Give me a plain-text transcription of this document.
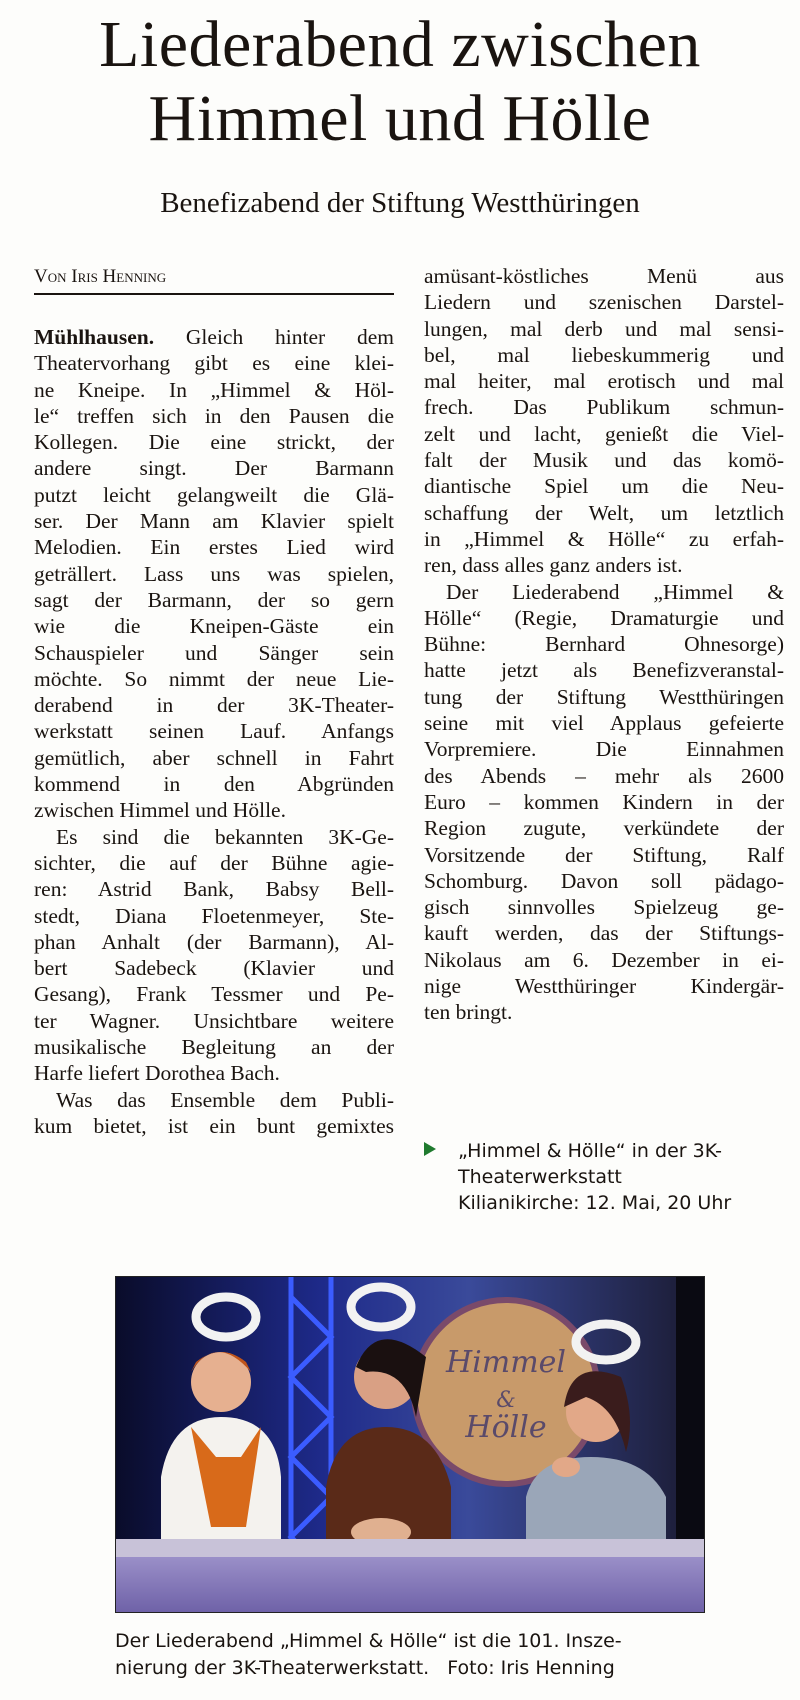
Liederabend zwischen
Himmel und Hölle
Benefizabend der Stiftung Westthüringen
Von Iris Henning
Mühlhausen. Gleich hinter dem
Theatervorhang gibt es eine klei-
ne Kneipe. In „Himmel & Höl-
le“ treffen sich in den Pausen die
Kollegen. Die eine strickt, der
andere singt. Der Barmann
putzt leicht gelangweilt die Glä-
ser. Der Mann am Klavier spielt
Melodien. Ein erstes Lied wird
geträllert. Lass uns was spielen,
sagt der Barmann, der so gern
wie die Kneipen-Gäste ein
Schauspieler und Sänger sein
möchte. So nimmt der neue Lie-
derabend in der 3K-Theater-
werkstatt seinen Lauf. Anfangs
gemütlich, aber schnell in Fahrt
kommend in den Abgründen
zwischen Himmel und Hölle.
Es sind die bekannten 3K-Ge-
sichter, die auf der Bühne agie-
ren: Astrid Bank, Babsy Bell-
stedt, Diana Floetenmeyer, Ste-
phan Anhalt (der Barmann), Al-
bert Sadebeck (Klavier und
Gesang), Frank Tessmer und Pe-
ter Wagner. Unsichtbare weitere
musikalische Begleitung an der
Harfe liefert Dorothea Bach.
Was das Ensemble dem Publi-
kum bietet, ist ein bunt gemixtes
amüsant-köstliches Menü aus
Liedern und szenischen Darstel-
lungen, mal derb und mal sensi-
bel, mal liebeskummerig und
mal heiter, mal erotisch und mal
frech. Das Publikum schmun-
zelt und lacht, genießt die Viel-
falt der Musik und das komö-
diantische Spiel um die Neu-
schaffung der Welt, um letztlich
in „Himmel & Hölle“ zu erfah-
ren, dass alles ganz anders ist.
Der Liederabend „Himmel &
Hölle“ (Regie, Dramaturgie und
Bühne: Bernhard Ohnesorge)
hatte jetzt als Benefizveranstal-
tung der Stiftung Westthüringen
seine mit viel Applaus gefeierte
Vorpremiere. Die Einnahmen
des Abends – mehr als 2600
Euro – kommen Kindern in der
Region zugute, verkündete der
Vorsitzende der Stiftung, Ralf
Schomburg. Davon soll pädago-
gisch sinnvolles Spielzeug ge-
kauft werden, das der Stiftungs-
Nikolaus am 6. Dezember in ei-
nige Westthüringer Kindergär-
ten bringt.
„Himmel & Hölle“ in der 3K-
Theaterwerkstatt
Kilianikirche: 12. Mai, 20 Uhr
Himmel
&
Hölle
Der Liederabend „Himmel & Hölle“ ist die 101. Insze-
nierung der 3K-Theaterwerkstatt.   Foto: Iris Henning
